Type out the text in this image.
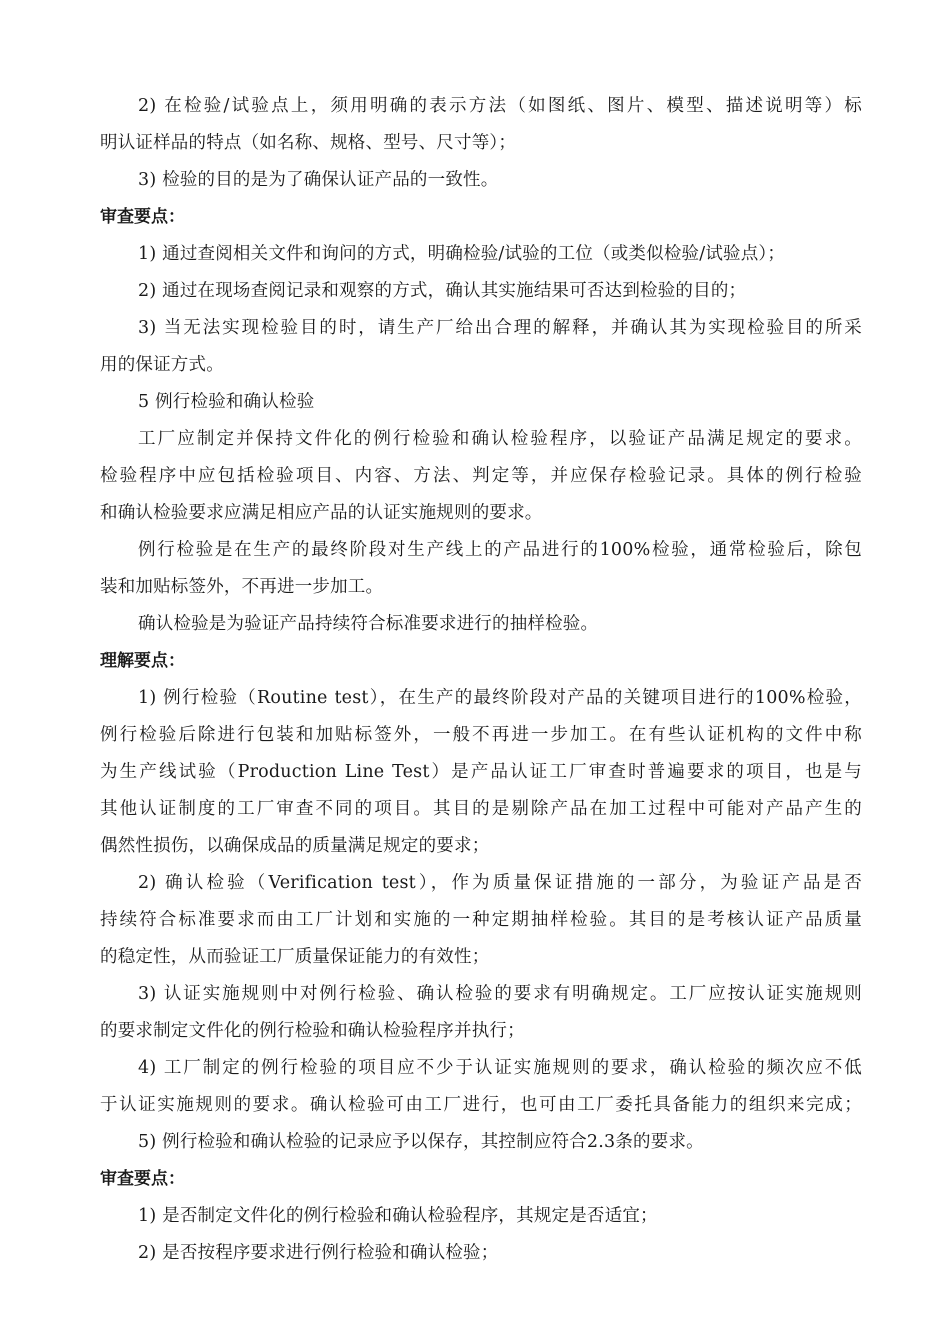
2) 在检验/试验点上，须用明确的表示方法（如图纸、图片、模型、描述说明等）标
明认证样品的特点（如名称、规格、型号、尺寸等）；
3) 检验的目的是为了确保认证产品的一致性。
审查要点：
1) 通过查阅相关文件和询问的方式，明确检验/试验的工位（或类似检验/试验点）；
2) 通过在现场查阅记录和观察的方式，确认其实施结果可否达到检验的目的；
3) 当无法实现检验目的时，请生产厂给出合理的解释，并确认其为实现检验目的所采
用的保证方式。
5 例行检验和确认检验
工厂应制定并保持文件化的例行检验和确认检验程序，以验证产品满足规定的要求。
检验程序中应包括检验项目、内容、方法、判定等，并应保存检验记录。具体的例行检验
和确认检验要求应满足相应产品的认证实施规则的要求。
例行检验是在生产的最终阶段对生产线上的产品进行的100%检验，通常检验后，除包
装和加贴标签外，不再进一步加工。
确认检验是为验证产品持续符合标准要求进行的抽样检验。
理解要点：
1) 例行检验（Routine test），在生产的最终阶段对产品的关键项目进行的100%检验，
例行检验后除进行包装和加贴标签外，一般不再进一步加工。在有些认证机构的文件中称
为生产线试验（Production Line Test）是产品认证工厂审查时普遍要求的项目，也是与
其他认证制度的工厂审查不同的项目。其目的是剔除产品在加工过程中可能对产品产生的
偶然性损伤，以确保成品的质量满足规定的要求；
2) 确认检验（Verification test），作为质量保证措施的一部分，为验证产品是否
持续符合标准要求而由工厂计划和实施的一种定期抽样检验。其目的是考核认证产品质量
的稳定性，从而验证工厂质量保证能力的有效性；
3) 认证实施规则中对例行检验、确认检验的要求有明确规定。工厂应按认证实施规则
的要求制定文件化的例行检验和确认检验程序并执行；
4) 工厂制定的例行检验的项目应不少于认证实施规则的要求，确认检验的频次应不低
于认证实施规则的要求。确认检验可由工厂进行，也可由工厂委托具备能力的组织来完成；
5) 例行检验和确认检验的记录应予以保存，其控制应符合2.3条的要求。
审查要点：
1) 是否制定文件化的例行检验和确认检验程序，其规定是否适宜；
2) 是否按程序要求进行例行检验和确认检验；
